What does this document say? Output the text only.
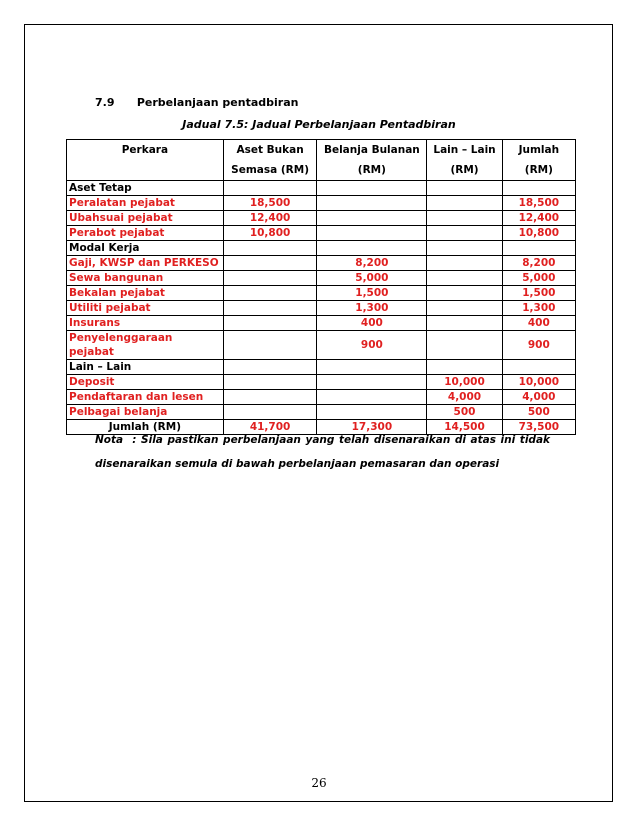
7.9 Perbelanjaan pentadbiran
Jadual 7.5: Jadual Perbelanjaan Pentadbiran
Perkara	Aset Bukan	Belanja Bulanan	Lain – Lain	Jumlah
	Semasa (RM)	(RM)	(RM)	(RM)
Aset Tetap				
Peralatan pejabat	18,500			18,500
Ubahsuai pejabat	12,400			12,400
Perabot pejabat	10,800			10,800
Modal Kerja				
Gaji, KWSP dan PERKESO		8,200		8,200
Sewa bangunan		5,000		5,000
Bekalan pejabat		1,500		1,500
Utiliti pejabat		1,300		1,300
Insurans		400		400
Penyelenggaraan pejabat		900		900
Lain – Lain				
Deposit			10,000	10,000
Pendaftaran dan lesen			4,000	4,000
Pelbagai belanja			500	500
Jumlah (RM)	41,700	17,300	14,500	73,500
Nota : Sila pastikan perbelanjaan yang telah disenaraikan di atas ini tidak disenaraikan semula di bawah perbelanjaan pemasaran dan operasi
26
